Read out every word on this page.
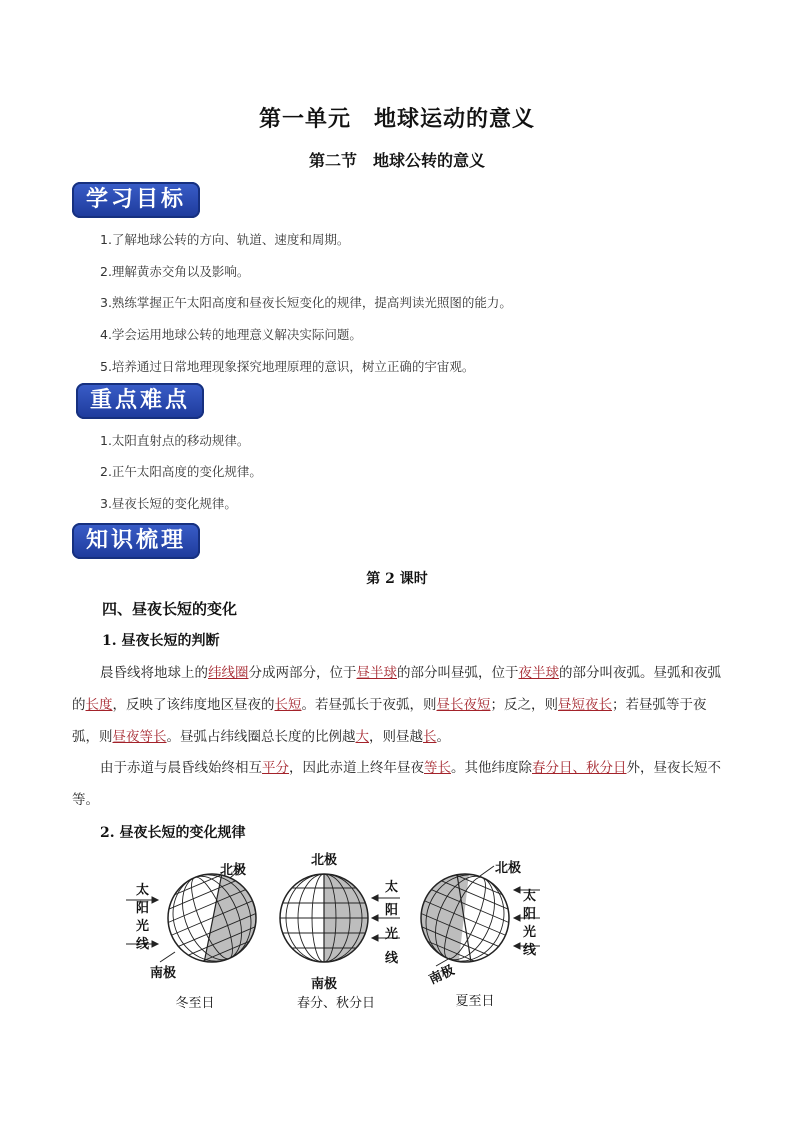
第一单元　地球运动的意义
第二节　地球公转的意义
学习目标
1.了解地球公转的方向、轨道、速度和周期。
2.理解黄赤交角以及影响。
3.熟练掌握正午太阳高度和昼夜长短变化的规律，提高判读光照图的能力。
4.学会运用地球公转的地理意义解决实际问题。
5.培养通过日常地理现象探究地理原理的意识，树立正确的宇宙观。
重点难点
1.太阳直射点的移动规律。
2.正午太阳高度的变化规律。
3.昼夜长短的变化规律。
知识梳理
第 2 课时
四、昼夜长短的变化
1. 昼夜长短的判断
晨昏线将地球上的纬线圈分成两部分，位于昼半球的部分叫昼弧，位于夜半球的部分叫夜弧。昼弧和夜弧的长度，反映了该纬度地区昼夜的长短。若昼弧长于夜弧，则昼长夜短；反之，则昼短夜长；若昼弧等于夜弧，则昼夜等长。昼弧占纬线圈总长度的比例越大，则昼越长。
由于赤道与晨昏线始终相互平分，因此赤道上终年昼夜等长。其他纬度除春分日、秋分日外，昼夜长短不等。
2. 昼夜长短的变化规律
北极
太
阳
光
线
南极
冬至日
北极
太
阳
光
线
南极
春分、秋分日
北极
太
阳
光
线
南极
夏至日
